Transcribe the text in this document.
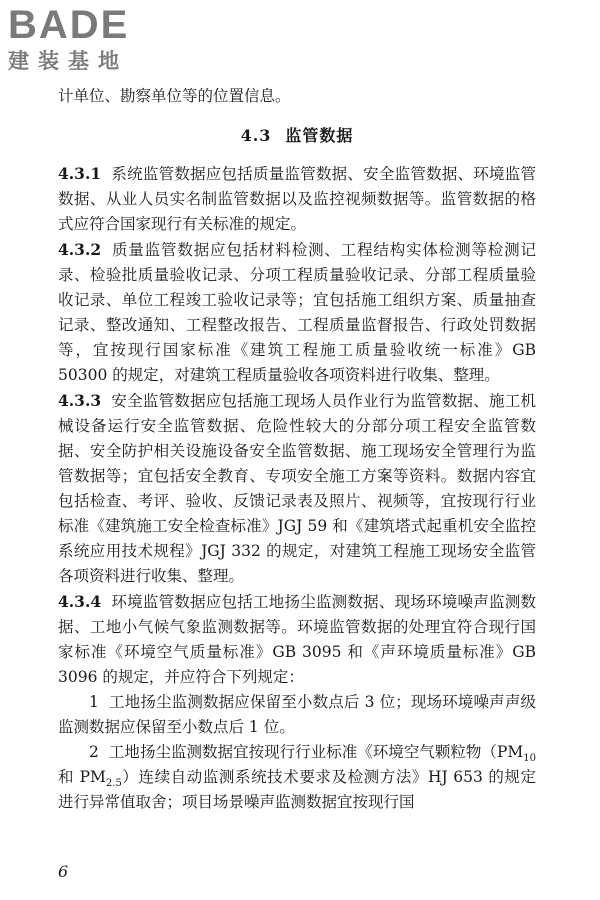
BADE
建装基地

计单位、勘察单位等的位置信息。

4.3 监管数据

4.3.1 系统监管数据应包括质量监管数据、安全监管数据、环境监管数据、从业人员实名制监管数据以及监控视频数据等。监管数据的格式应符合国家现行有关标准的规定。

4.3.2 质量监管数据应包括材料检测、工程结构实体检测等检测记录、检验批质量验收记录、分项工程质量验收记录、分部工程质量验收记录、单位工程竣工验收记录等；宜包括施工组织方案、质量抽查记录、整改通知、工程整改报告、工程质量监督报告、行政处罚数据等，宜按现行国家标准《建筑工程施工质量验收统一标准》GB 50300 的规定，对建筑工程质量验收各项资料进行收集、整理。

4.3.3 安全监管数据应包括施工现场人员作业行为监管数据、施工机械设备运行安全监管数据、危险性较大的分部分项工程安全监管数据、安全防护相关设施设备安全监管数据、施工现场安全管理行为监管数据等；宜包括安全教育、专项安全施工方案等资料。数据内容宜包括检查、考评、验收、反馈记录表及照片、视频等，宜按现行行业标准《建筑施工安全检查标准》JGJ 59 和《建筑塔式起重机安全监控系统应用技术规程》JGJ 332 的规定，对建筑工程施工现场安全监管各项资料进行收集、整理。

4.3.4 环境监管数据应包括工地扬尘监测数据、现场环境噪声监测数据、工地小气候气象监测数据等。环境监管数据的处理宜符合现行国家标准《环境空气质量标准》GB 3095 和《声环境质量标准》GB 3096 的规定，并应符合下列规定：

1 工地扬尘监测数据应保留至小数点后 3 位；现场环境噪声声级监测数据应保留至小数点后 1 位。

2 工地扬尘监测数据宜按现行行业标准《环境空气颗粒物（$PM_{10}$和 $PM_{2.5}$）连续自动监测系统技术要求及检测方法》HJ 653 的规定进行异常值取舍；项目场景噪声监测数据宜按现行国

6
